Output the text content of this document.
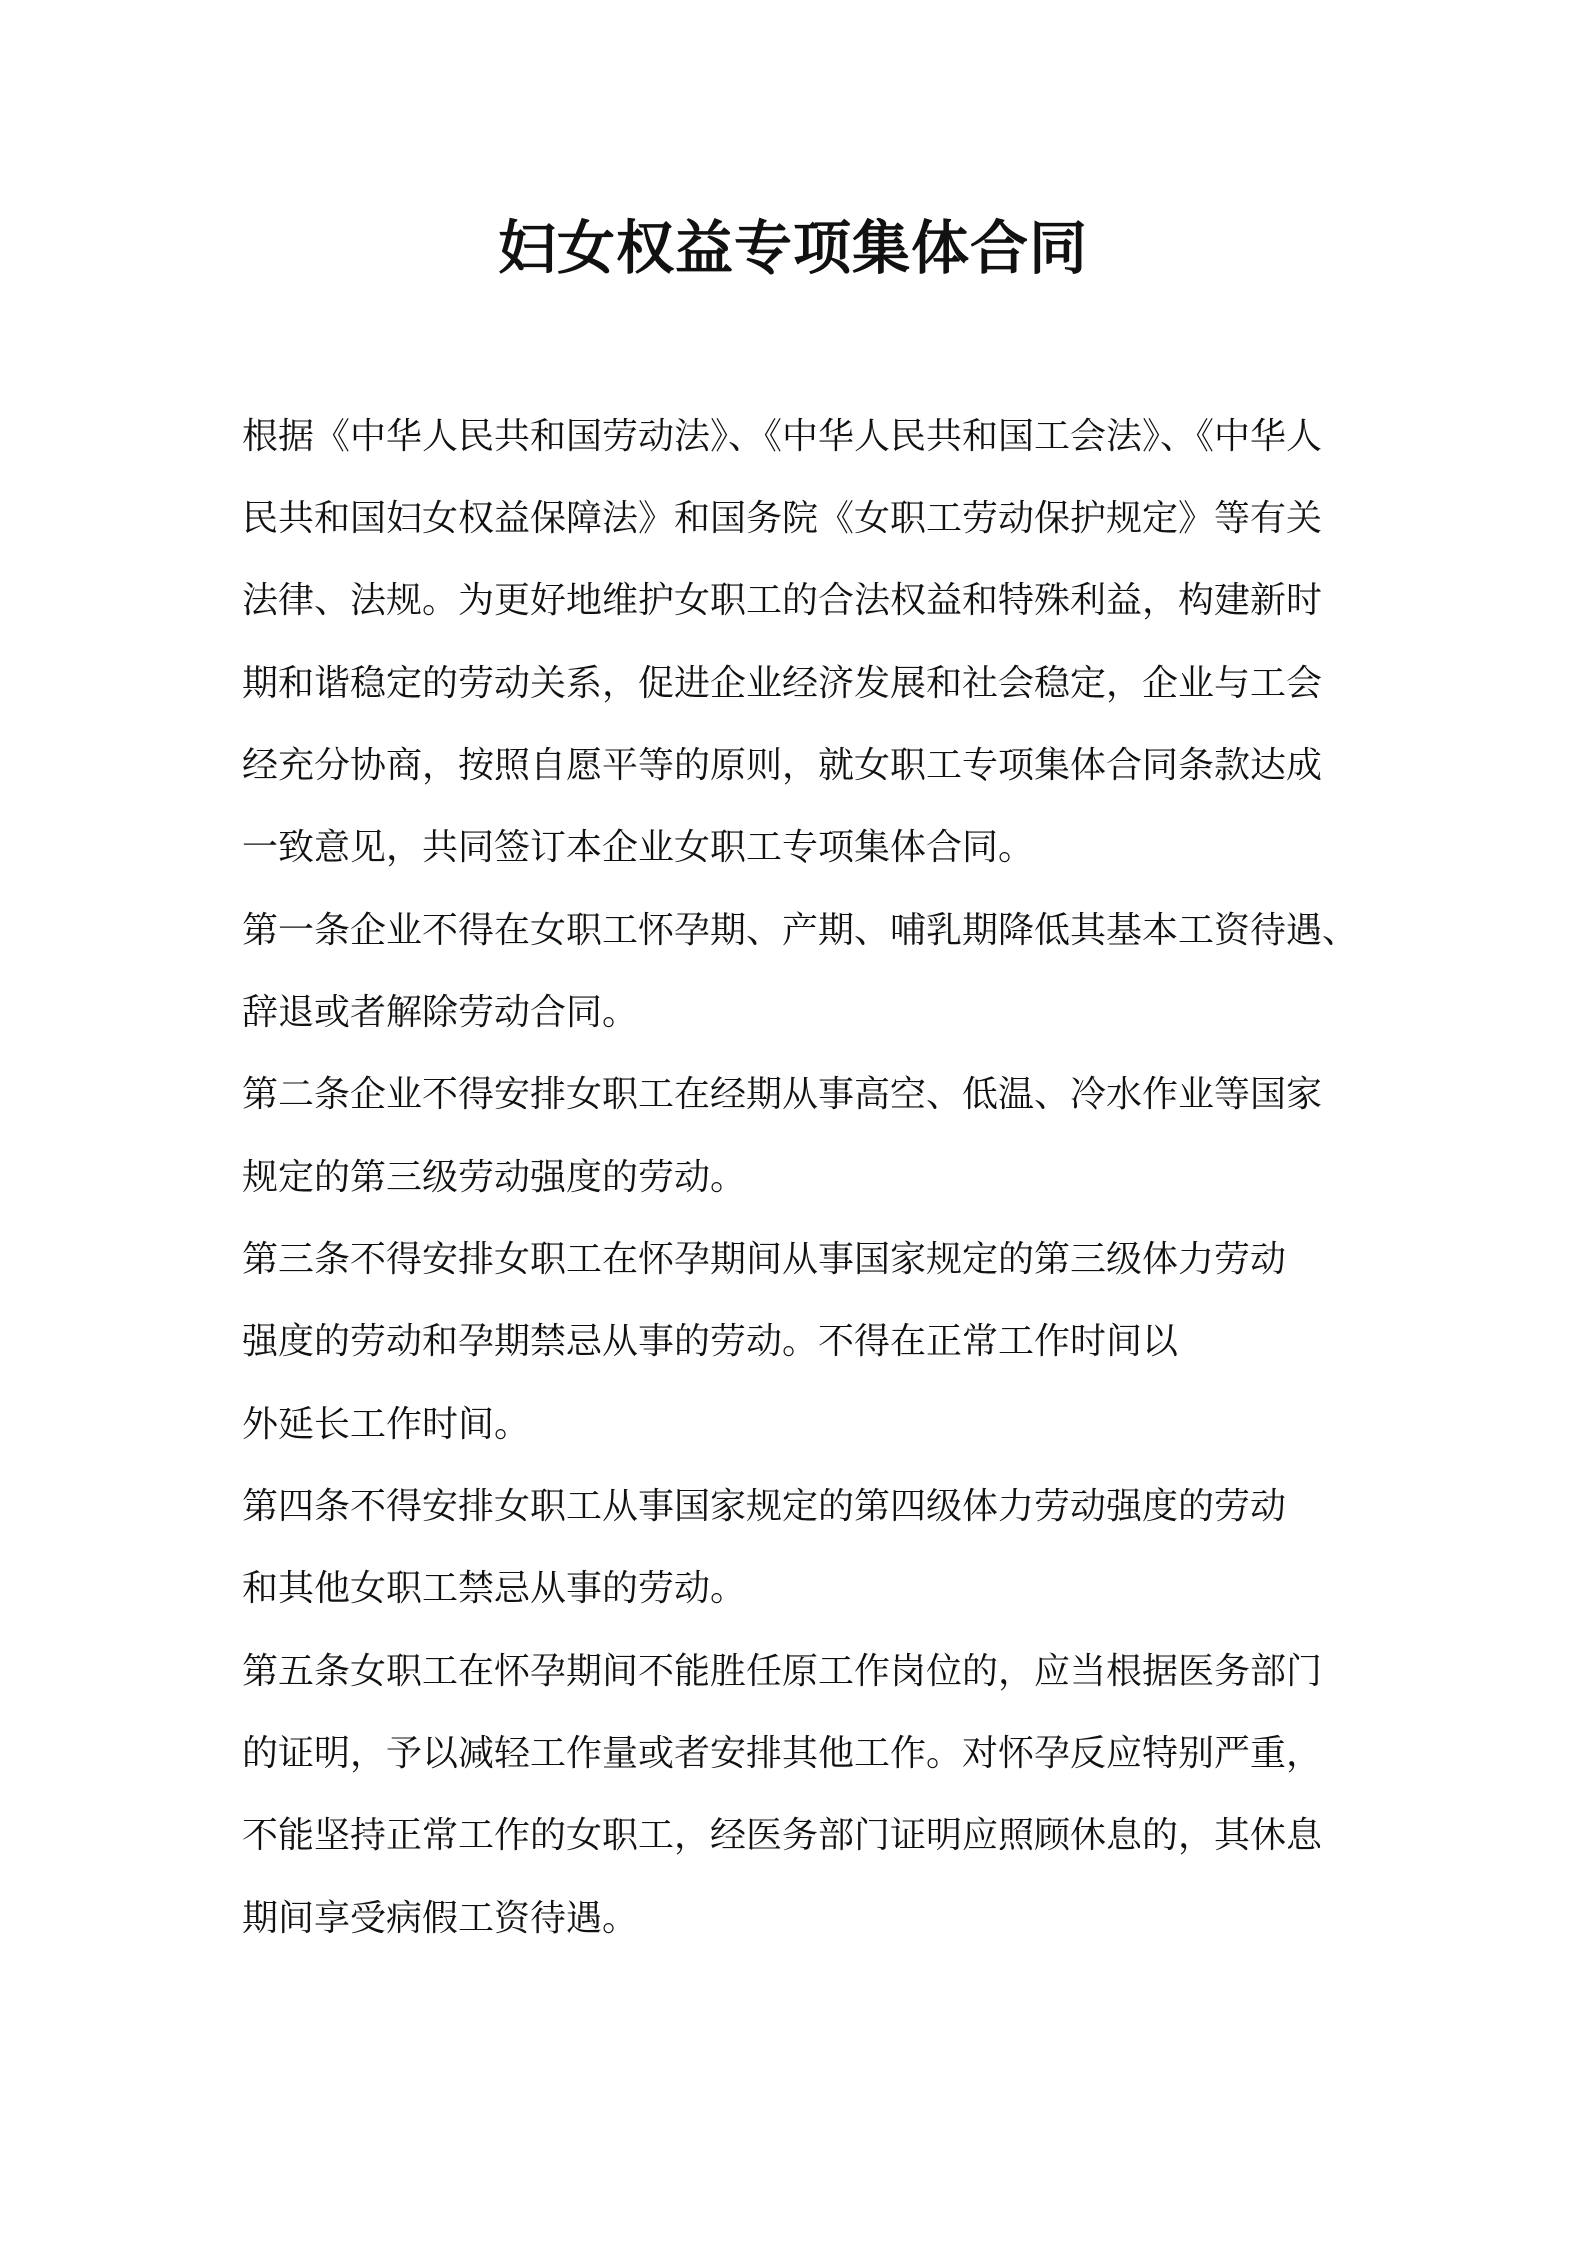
妇女权益专项集体合同

根据《中华人民共和国劳动法》、《中华人民共和国工会法》、《中华人

民共和国妇女权益保障法》和国务院《女职工劳动保护规定》等有关

法律、法规。为更好地维护女职工的合法权益和特殊利益，构建新时

期和谐稳定的劳动关系，促进企业经济发展和社会稳定，企业与工会

经充分协商，按照自愿平等的原则，就女职工专项集体合同条款达成

一致意见，共同签订本企业女职工专项集体合同。

第一条企业不得在女职工怀孕期、产期、哺乳期降低其基本工资待遇、

辞退或者解除劳动合同。

第二条企业不得安排女职工在经期从事高空、低温、冷水作业等国家

规定的第三级劳动强度的劳动。

第三条不得安排女职工在怀孕期间从事国家规定的第三级体力劳动

强度的劳动和孕期禁忌从事的劳动。不得在正常工作时间以

外延长工作时间。

第四条不得安排女职工从事国家规定的第四级体力劳动强度的劳动

和其他女职工禁忌从事的劳动。

第五条女职工在怀孕期间不能胜任原工作岗位的，应当根据医务部门

的证明，予以减轻工作量或者安排其他工作。对怀孕反应特别严重，

不能坚持正常工作的女职工，经医务部门证明应照顾休息的，其休息

期间享受病假工资待遇。
